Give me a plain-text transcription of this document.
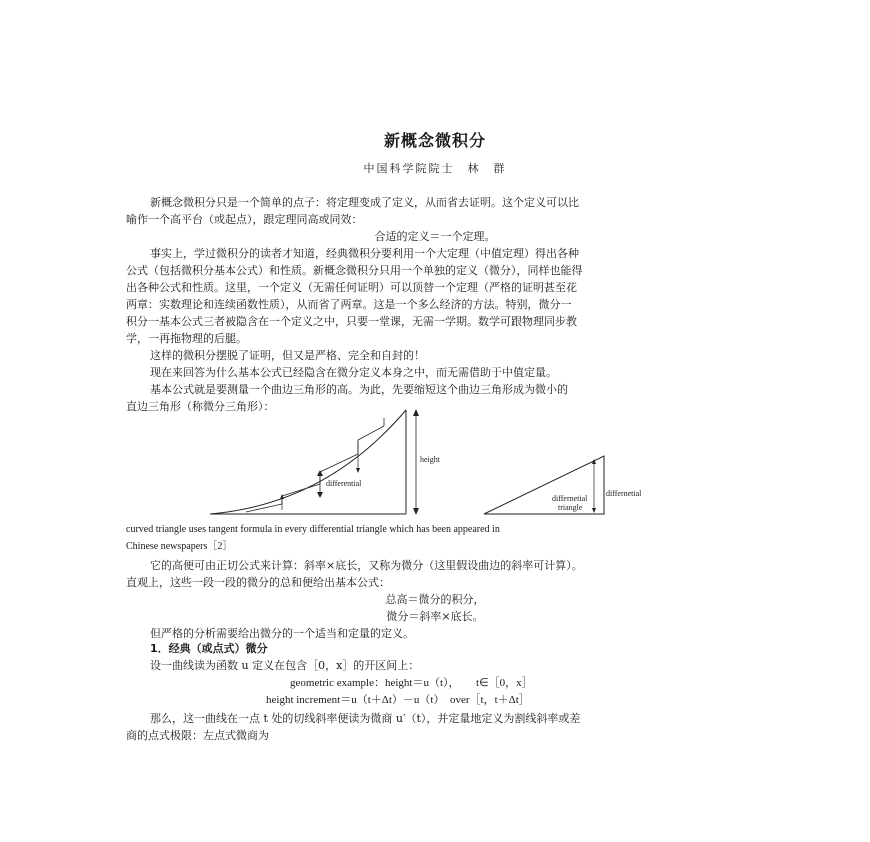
新概念微积分
中国科学院院士　林　群
新概念微积分只是一个简单的点子：将定理变成了定义，从而省去证明。这个定义可以比
喻作一个高平台（或起点），跟定理同高或同效：
合适的定义＝一个定理。
事实上，学过微积分的读者才知道，经典微积分要利用一个大定理（中值定理）得出各种
公式（包括微积分基本公式）和性质。新概念微积分只用一个单独的定义（微分），同样也能得
出各种公式和性质。这里，一个定义（无需任何证明）可以顶替一个定理（严格的证明甚至花
两章：实数理论和连续函数性质），从而省了两章。这是一个多么经济的方法。特别，微分一
积分一基本公式三者被隐含在一个定义之中，只要一堂课，无需一学期。数学可跟物理同步教
学，一再拖物理的后腿。
这样的微积分摆脱了证明，但又是严格、完全和自封的！
现在来回答为什么基本公式已经隐含在微分定义本身之中，而无需借助于中值定量。
基本公式就是要测量一个曲边三角形的高。为此，先要缩短这个曲边三角形成为微小的
直边三角形（称微分三角形）：
height
differential
differnetial
triangle
differnetial
curved triangle uses tangent formula in every differential triangle which has been appeared in
Chinese newspapers［2］
它的高便可由正切公式来计算：斜率×底长，又称为微分（这里假设曲边的斜率可计算）。
直观上，这些一段一段的微分的总和便给出基本公式：
总高＝微分的积分，
微分＝斜率×底长。
但严格的分析需要给出微分的一个适当和定量的定义。
1．经典（或点式）微分
设一曲线读为函数 u 定义在包含［0，x］的开区间上：
geometric example：height＝u（t），　　t∈［0，x］
height increment＝u（t＋Δt）－u（t）　over［t，t＋Δt］
那么，这一曲线在一点 t 处的切线斜率便读为微商 u′（t），并定量地定义为割线斜率或差
商的点式极限：左点式微商为
